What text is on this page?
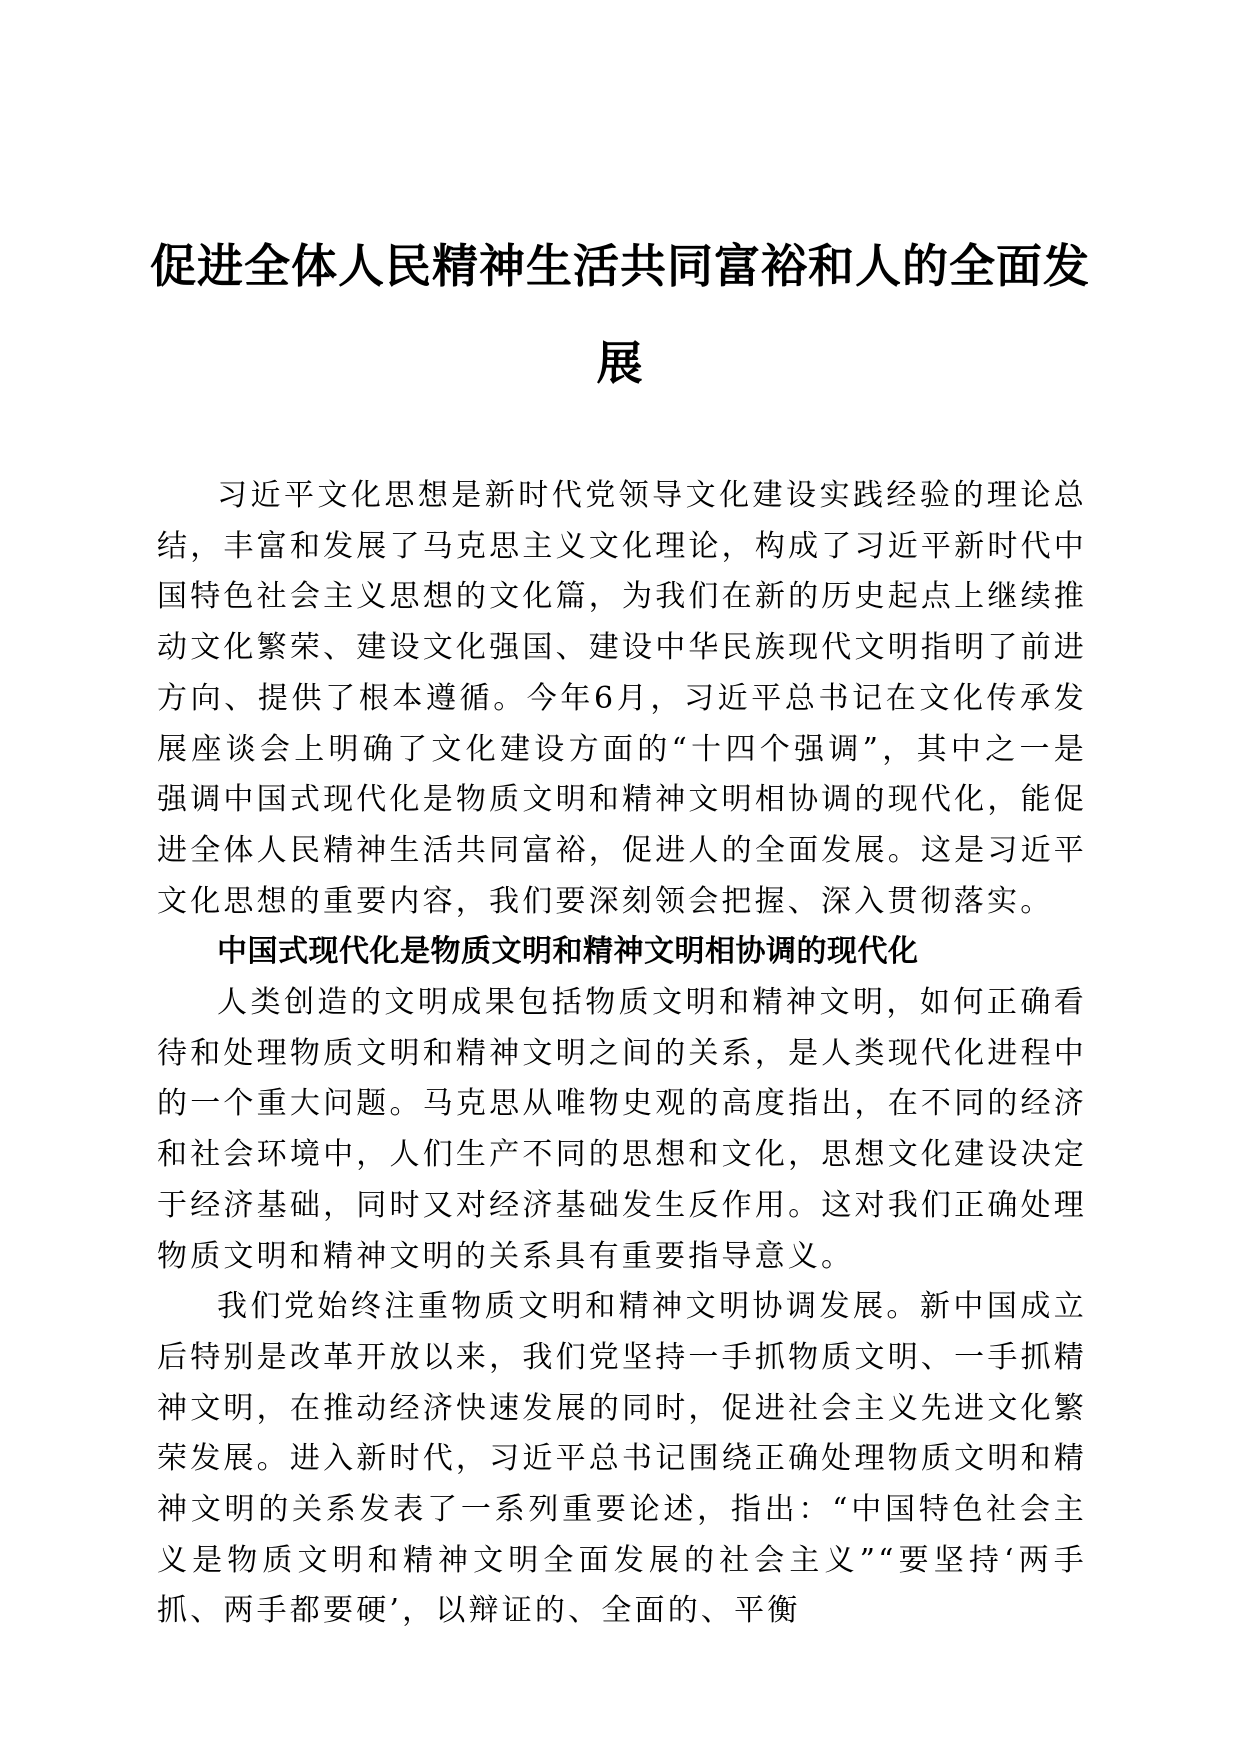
促进全体人民精神生活共同富裕和人的全面发展

习近平文化思想是新时代党领导文化建设实践经验的理论总结，丰富和发展了马克思主义文化理论，构成了习近平新时代中国特色社会主义思想的文化篇，为我们在新的历史起点上继续推动文化繁荣、建设文化强国、建设中华民族现代文明指明了前进方向、提供了根本遵循。今年6月，习近平总书记在文化传承发展座谈会上明确了文化建设方面的“十四个强调”，其中之一是强调中国式现代化是物质文明和精神文明相协调的现代化，能促进全体人民精神生活共同富裕，促进人的全面发展。这是习近平文化思想的重要内容，我们要深刻领会把握、深入贯彻落实。

中国式现代化是物质文明和精神文明相协调的现代化

人类创造的文明成果包括物质文明和精神文明，如何正确看待和处理物质文明和精神文明之间的关系，是人类现代化进程中的一个重大问题。马克思从唯物史观的高度指出，在不同的经济和社会环境中，人们生产不同的思想和文化，思想文化建设决定于经济基础，同时又对经济基础发生反作用。这对我们正确处理物质文明和精神文明的关系具有重要指导意义。

我们党始终注重物质文明和精神文明协调发展。新中国成立后特别是改革开放以来，我们党坚持一手抓物质文明、一手抓精神文明，在推动经济快速发展的同时，促进社会主义先进文化繁荣发展。进入新时代，习近平总书记围绕正确处理物质文明和精神文明的关系发表了一系列重要论述，指出：“中国特色社会主义是物质文明和精神文明全面发展的社会主义”“要坚持‘两手抓、两手都要硬’，以辩证的、全面的、平衡
